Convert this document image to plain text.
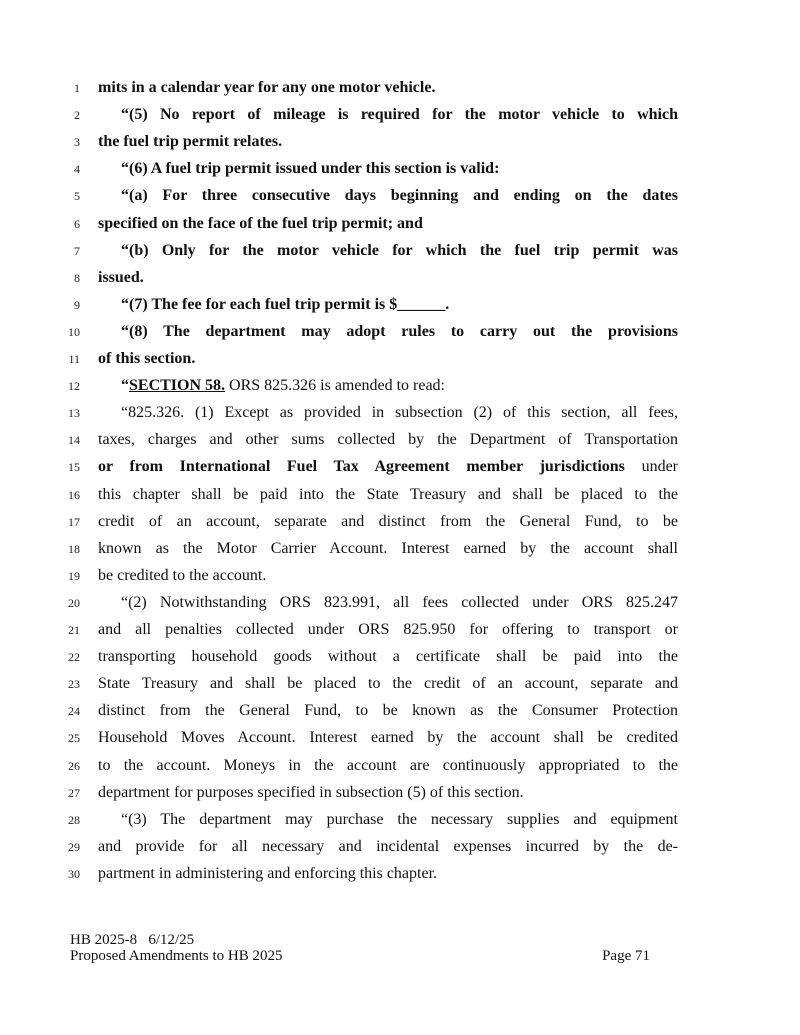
HB 2025-8   6/12/25
Proposed Amendments to HB 2025	Page 71
1 mits in a calendar year for any one motor vehicle.
2	“(5) No report of mileage is required for the motor vehicle to which
3 the fuel trip permit relates.
4	“(6) A fuel trip permit issued under this section is valid:
5	“(a) For three consecutive days beginning and ending on the dates
6 specified on the face of the fuel trip permit; and
7	“(b) Only for the motor vehicle for which the fuel trip permit was
8 issued.
9	“(7) The fee for each fuel trip permit is $______.
10	“(8) The department may adopt rules to carry out the provisions
11 of this section.
12	“SECTION 58. ORS 825.326 is amended to read:
13	“825.326. (1) Except as provided in subsection (2) of this section, all fees,
14 taxes, charges and other sums collected by the Department of Transportation
15 or from International Fuel Tax Agreement member jurisdictions under
16 this chapter shall be paid into the State Treasury and shall be placed to the
17 credit of an account, separate and distinct from the General Fund, to be
18 known as the Motor Carrier Account. Interest earned by the account shall
19 be credited to the account.
20	“(2) Notwithstanding ORS 823.991, all fees collected under ORS 825.247
21 and all penalties collected under ORS 825.950 for offering to transport or
22 transporting household goods without a certificate shall be paid into the
23 State Treasury and shall be placed to the credit of an account, separate and
24 distinct from the General Fund, to be known as the Consumer Protection
25 Household Moves Account. Interest earned by the account shall be credited
26 to the account. Moneys in the account are continuously appropriated to the
27 department for purposes specified in subsection (5) of this section.
28	“(3) The department may purchase the necessary supplies and equipment
29 and provide for all necessary and incidental expenses incurred by the de-
30 partment in administering and enforcing this chapter.
